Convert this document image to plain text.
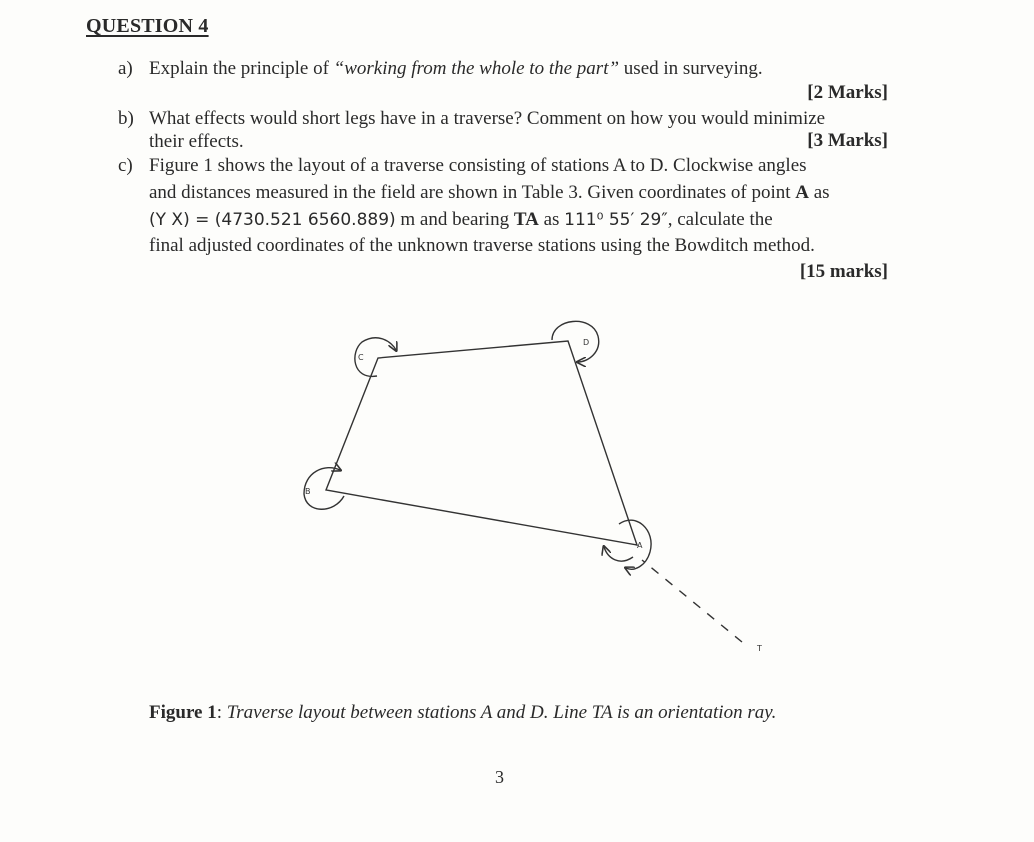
QUESTION 4
a) Explain the principle of “working from the whole to the part” used in surveying.
[2 Marks]
b) What effects would short legs have in a traverse? Comment on how you would minimize
their effects.	[3 Marks]
c) Figure 1 shows the layout of a traverse consisting of stations A to D. Clockwise angles
and distances measured in the field are shown in Table 3. Given coordinates of point A as
(Y X) = (4730.521 6560.889) m and bearing TA as 111⁰ 55′ 29″, calculate the
final adjusted coordinates of the unknown traverse stations using the Bowditch method.
[15 marks]
C
D
B
A
T
Figure 1: Traverse layout between stations A and D. Line TA is an orientation ray.
3
